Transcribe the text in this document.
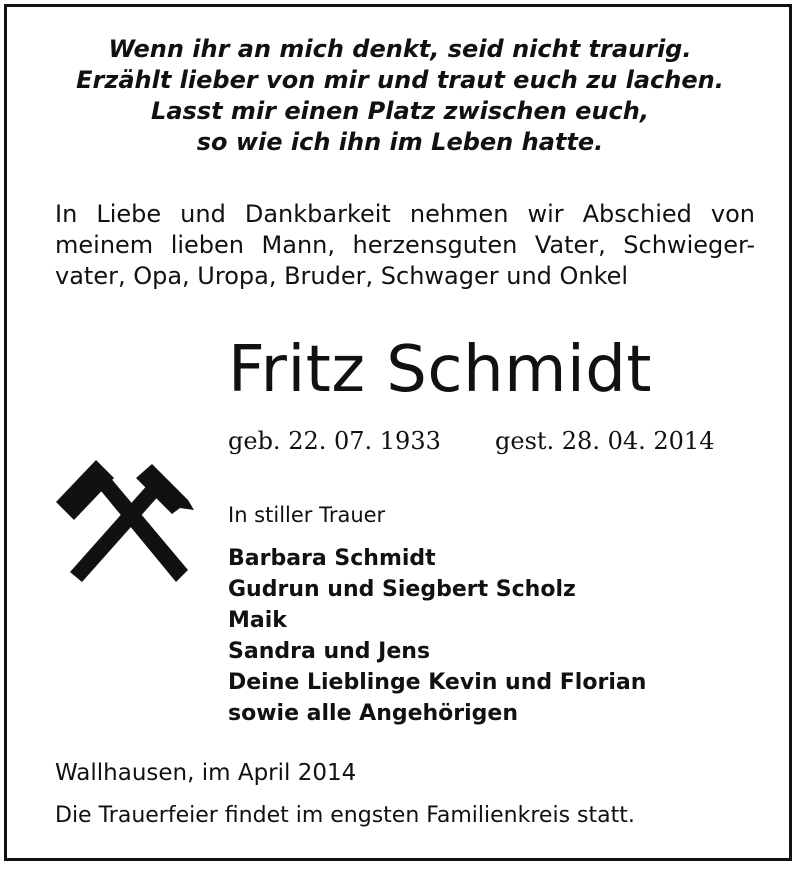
Wenn ihr an mich denkt, seid nicht traurig.
Erzählt lieber von mir und traut euch zu lachen.
Lasst mir einen Platz zwischen euch,
so wie ich ihn im Leben hatte.
In Liebe und Dankbarkeit nehmen wir Abschied von
meinem lieben Mann, herzensguten Vater, Schwieger-
vater, Opa, Uropa, Bruder, Schwager und Onkel
Fritz Schmidt
geb. 22. 07. 1933 gest. 28. 04. 2014
In stiller Trauer
Barbara Schmidt
Gudrun und Siegbert Scholz
Maik
Sandra und Jens
Deine Lieblinge Kevin und Florian
sowie alle Angehörigen
Wallhausen, im April 2014
Die Trauerfeier findet im engsten Familienkreis statt.
